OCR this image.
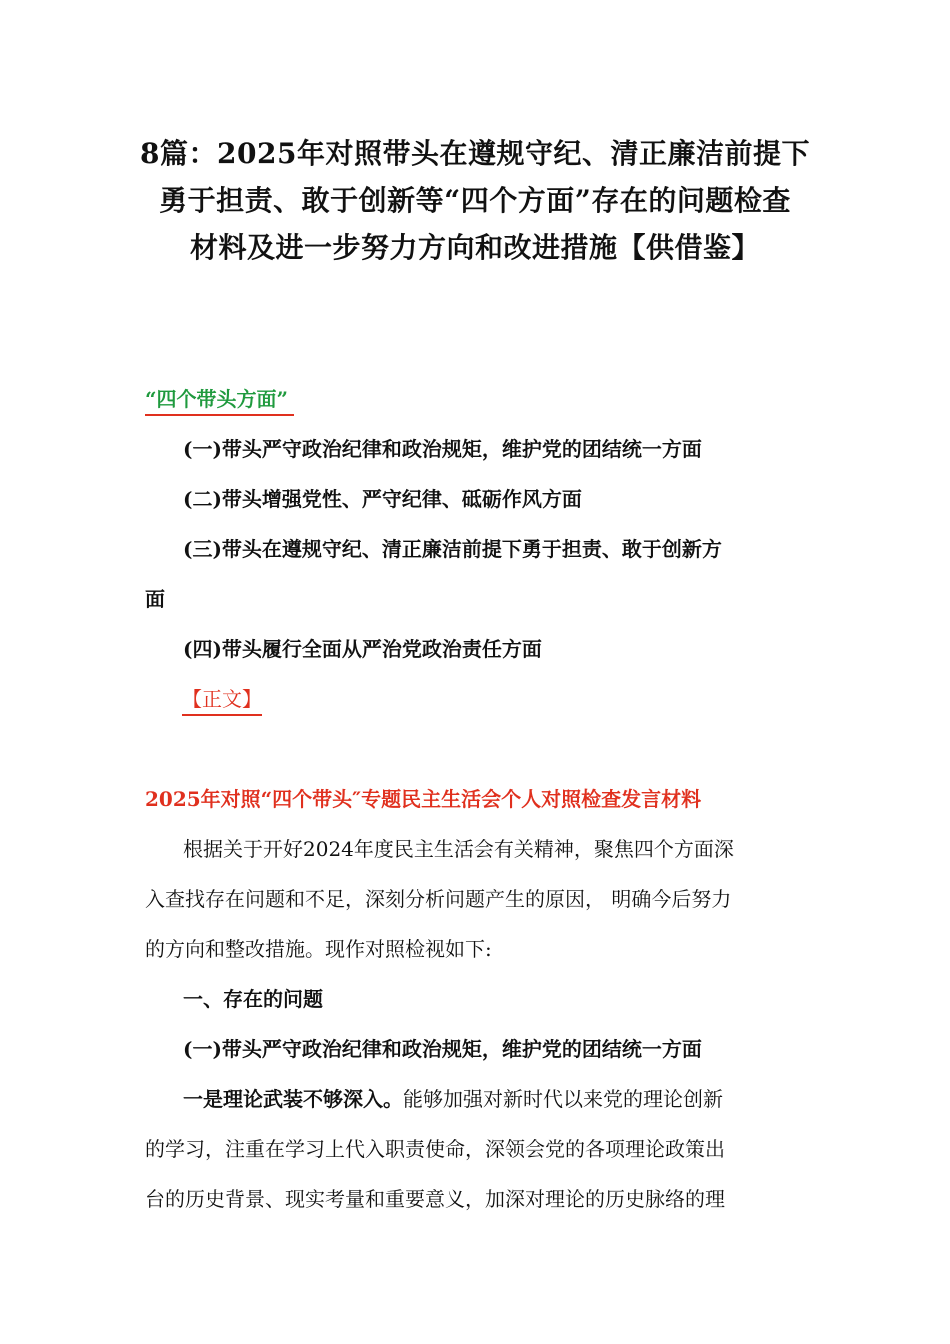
8篇：2025年对照带头在遵规守纪、清正廉洁前提下
勇于担责、敢于创新等“四个方面”存在的问题检查
材料及进一步努力方向和改进措施【供借鉴】
“四个带头方面”
(一)带头严守政治纪律和政治规矩，维护党的团结统一方面
(二)带头增强党性、严守纪律、砥砺作风方面
(三)带头在遵规守纪、清正廉洁前提下勇于担责、敢于创新方
面
(四)带头履行全面从严治党政治责任方面
【正文】
2025年对照“四个带头″专题民主生活会个人对照检查发言材料
根据关于开好2024年度民主生活会有关精神，聚焦四个方面深
入查找存在问题和不足，深刻分析问题产生的原因， 明确今后努力
的方向和整改措施。现作对照检视如下:
一、存在的问题
(一)带头严守政治纪律和政治规矩，维护党的团结统一方面
一是理论武装不够深入。能够加强对新时代以来党的理论创新
的学习，注重在学习上代入职责使命，深领会党的各项理论政策出
台的历史背景、现实考量和重要意义，加深对理论的历史脉络的理
